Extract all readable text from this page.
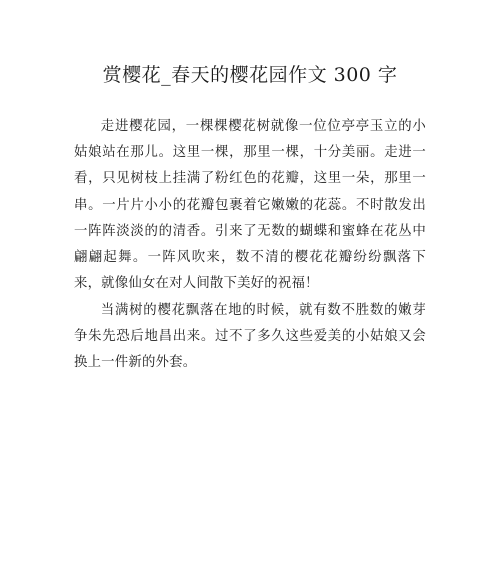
赏樱花_春天的樱花园作文 300 字

走进樱花园，一棵棵樱花树就像一位位亭亭玉立的小姑娘站在那儿。这里一棵，那里一棵，十分美丽。走进一看，只见树枝上挂满了粉红色的花瓣，这里一朵，那里一串。一片片小小的花瓣包裹着它嫩嫩的花蕊。不时散发出一阵阵淡淡的的清香。引来了无数的蝴蝶和蜜蜂在花丛中翩翩起舞。一阵风吹来，数不清的樱花花瓣纷纷飘落下来，就像仙女在对人间散下美好的祝福！

当满树的樱花飘落在地的时候，就有数不胜数的嫩芽争朱先恐后地昌出来。过不了多久这些爱美的小姑娘又会换上一件新的外套。
